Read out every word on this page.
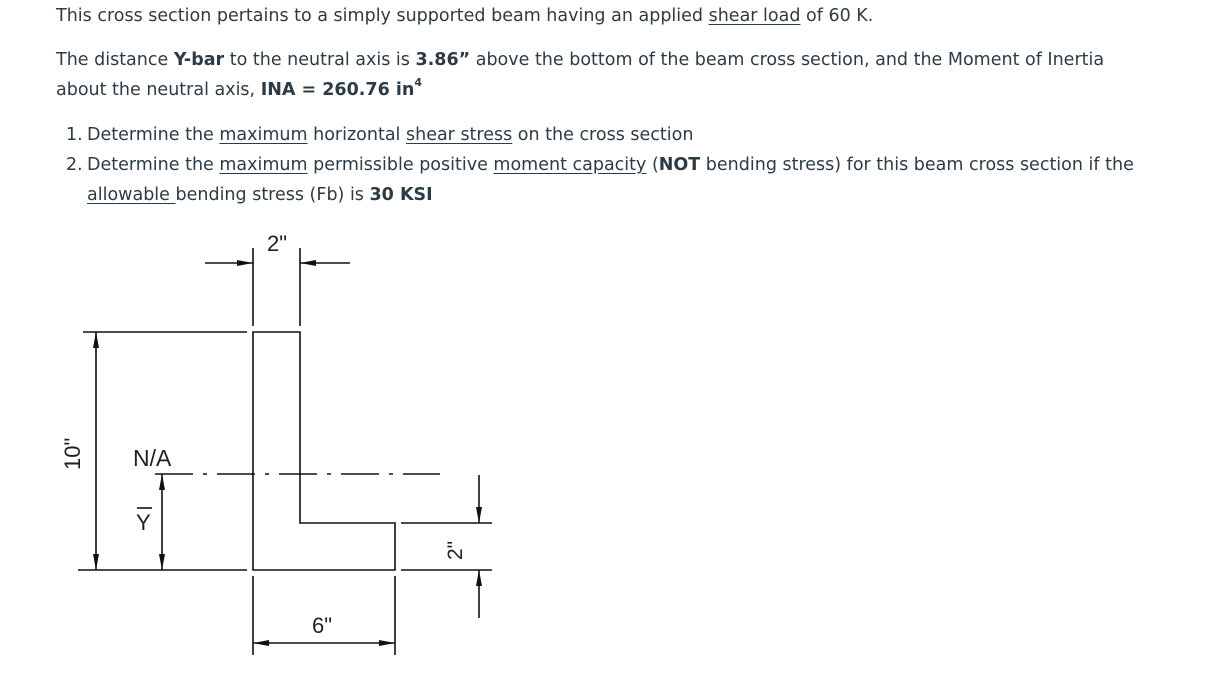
This cross section pertains to a simply supported beam having an applied shear load of 60 K.

The distance Y-bar to the neutral axis is 3.86” above the bottom of the beam cross section, and the Moment of Inertia about the neutral axis, INA = 260.76 $in^4$

1. Determine the maximum horizontal shear stress on the cross section
2. Determine the maximum permissible positive moment capacity (NOT bending stress) for this beam cross section if the allowable bending stress (Fb) is 30 KSI
2"
10" N/A
Y
6"
2"
